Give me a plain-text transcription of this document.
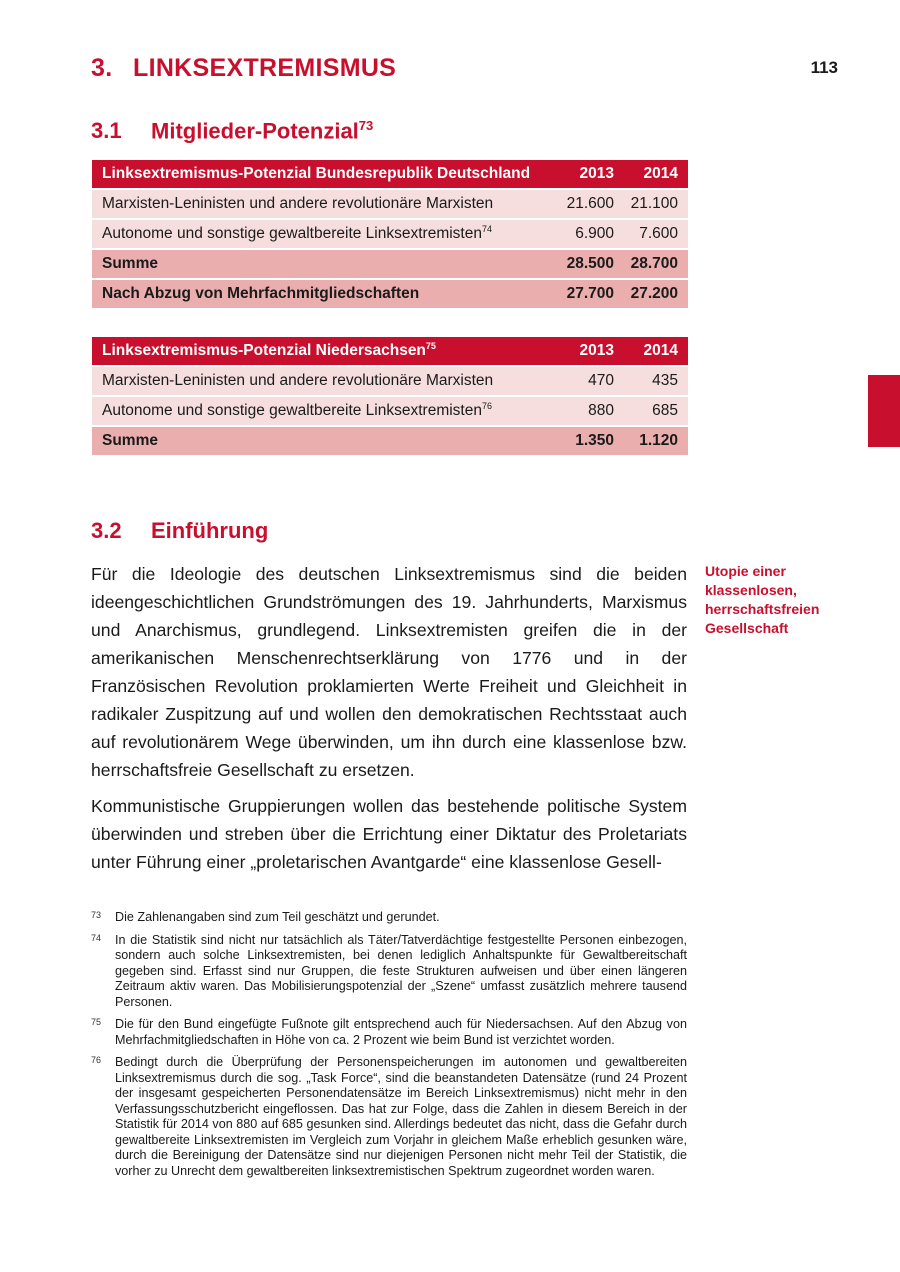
113
3. LINKSEXTREMISMUS
3.1 Mitglieder-Potenzial$^{73}$
Linksextremismus-Potenzial Bundesrepublik Deutschland	2013	2014
Marxisten-Leninisten und andere revolutionäre Marxisten	21.600	21.100
Autonome und sonstige gewaltbereite Linksextremisten$^{74}$	6.900	7.600
Summe	28.500	28.700
Nach Abzug von Mehrfachmitgliedschaften	27.700	27.200
Linksextremismus-Potenzial Niedersachsen$^{75}$	2013	2014
Marxisten-Leninisten und andere revolutionäre Marxisten	470	435
Autonome und sonstige gewaltbereite Linksextremisten$^{76}$	880	685
Summe	1.350	1.120
3.2 Einführung
Utopie einer
klassenlosen,
herrschaftsfreien
Gesellschaft

Für die Ideologie des deutschen Linksextremismus sind die beiden ideengeschichtlichen Grundströmungen des 19. Jahrhunderts, Marxismus und Anarchismus, grundlegend. Linksextremisten greifen die in der amerikanischen Menschenrechtserklärung von 1776 und in der Französischen Revolution proklamierten Werte Freiheit und Gleichheit in radikaler Zuspitzung auf und wollen den demokratischen Rechtsstaat auch auf revolutionärem Wege überwinden, um ihn durch eine klassenlose bzw. herrschaftsfreie Gesellschaft zu ersetzen.

Kommunistische Gruppierungen wollen das bestehende politische System überwinden und streben über die Errichtung einer Diktatur des Proletariats unter Führung einer „proletarischen Avantgarde“ eine klassenlose Gesell-

73 Die Zahlenangaben sind zum Teil geschätzt und gerundet.
74 In die Statistik sind nicht nur tatsächlich als Täter/Tatverdächtige festgestellte Personen einbezogen, sondern auch solche Linksextremisten, bei denen lediglich Anhaltspunkte für Gewaltbereitschaft gegeben sind. Erfasst sind nur Gruppen, die feste Strukturen aufweisen und über einen längeren Zeitraum aktiv waren. Das Mobilisierungspotenzial der „Szene“ umfasst zusätzlich mehrere tausend Personen.
75 Die für den Bund eingefügte Fußnote gilt entsprechend auch für Niedersachsen. Auf den Abzug von Mehrfachmitgliedschaften in Höhe von ca. 2 Prozent wie beim Bund ist verzichtet worden.
76 Bedingt durch die Überprüfung der Personenspeicherungen im autonomen und gewaltbereiten Linksextremismus durch die sog. „Task Force“, sind die beanstandeten Datensätze (rund 24 Prozent der insgesamt gespeicherten Personendatensätze im Bereich Linksextremismus) nicht mehr in den Verfassungsschutzbericht eingeflossen. Das hat zur Folge, dass die Zahlen in diesem Bereich in der Statistik für 2014 von 880 auf 685 gesunken sind. Allerdings bedeutet das nicht, dass die Gefahr durch gewaltbereite Linksextremisten im Vergleich zum Vorjahr in gleichem Maße erheblich gesunken wäre, durch die Bereinigung der Datensätze sind nur diejenigen Personen nicht mehr Teil der Statistik, die vorher zu Unrecht dem gewaltbereiten linksextremistischen Spektrum zugeordnet worden waren.
